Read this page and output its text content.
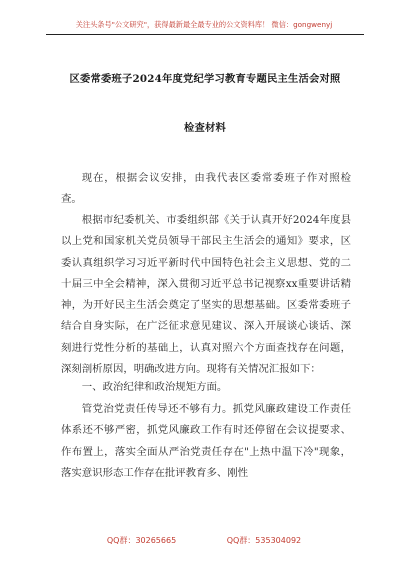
关注头条号"公文研究"，获得最新最全最专业的公文资料库！ 微信：gongwenyj
区委常委班子2024年度党纪学习教育专题民主生活会对照
检查材料

现在，根据会议安排，由我代表区委常委班子作对照检查。

根据市纪委机关、市委组织部《关于认真开好2024年度县以上党和国家机关党员领导干部民主生活会的通知》要求，区委认真组织学习习近平新时代中国特色社会主义思想、党的二十届三中全会精神，深入贯彻习近平总书记视察xx重要讲话精神，为开好民主生活会奠定了坚实的思想基础。区委常委班子结合自身实际，在广泛征求意见建议、深入开展谈心谈话、深刻进行党性分析的基础上，认真对照六个方面查找存在问题，深刻剖析原因，明确改进方向。现将有关情况汇报如下：

一、政治纪律和政治规矩方面。

管党治党责任传导还不够有力。抓党风廉政建设工作责任体系还不够严密，抓党风廉政工作有时还停留在会议提要求、作布置上，落实全面从严治党责任存在"上热中温下冷"现象，落实意识形态工作存在批评教育多、刚性

QQ群：30265665	QQ群：535304092
